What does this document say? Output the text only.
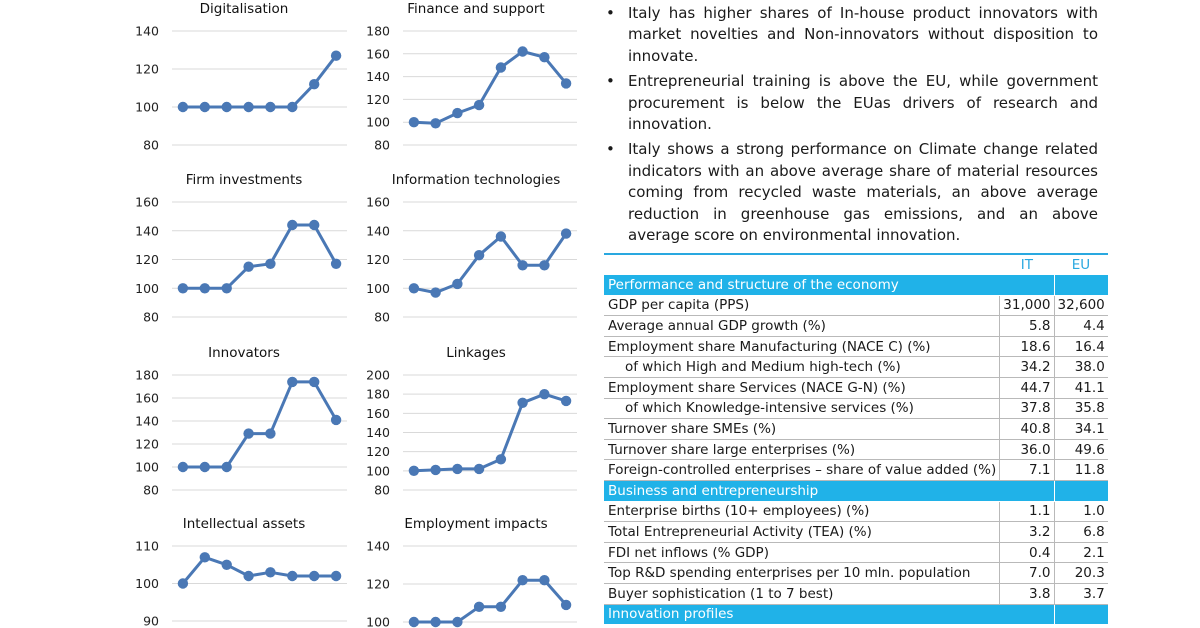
Digitalisation
80
100
120
140
Finance and support
80
100
120
140
160
180
Firm investments
80
100
120
140
160
Information technologies
80
100
120
140
160
Innovators
80
100
120
140
160
180
Linkages
80
100
120
140
160
180
200
Intellectual assets
90
100
110
Employment impacts
100
120
140
• Italy has higher shares of In-house product innovators with market novelties and Non-innovators without disposition to innovate.
• Entrepreneurial training is above the EU, while government procurement is below the EUas drivers of research and innovation.
• Italy shows a strong performance on Climate change related indicators with an above average share of material resources coming from recycled waste materials, an above average reduction in greenhouse gas emissions, and an above average score on environmental innovation.
	IT	EU
Performance and structure of the economy		
GDP per capita (PPS)	31,000	32,600
Average annual GDP growth (%)	5.8	4.4
Employment share Manufacturing (NACE C) (%)	18.6	16.4
of which High and Medium high-tech (%)	34.2	38.0
Employment share Services (NACE G-N) (%)	44.7	41.1
of which Knowledge-intensive services (%)	37.8	35.8
Turnover share SMEs (%)	40.8	34.1
Turnover share large enterprises (%)	36.0	49.6
Foreign-controlled enterprises – share of value added (%)	7.1	11.8
Business and entrepreneurship		
Enterprise births (10+ employees) (%)	1.1	1.0
Total Entrepreneurial Activity (TEA) (%)	3.2	6.8
FDI net inflows (% GDP)	0.4	2.1
Top R&D spending enterprises per 10 mln. population	7.0	20.3
Buyer sophistication (1 to 7 best)	3.8	3.7
Innovation profiles		
